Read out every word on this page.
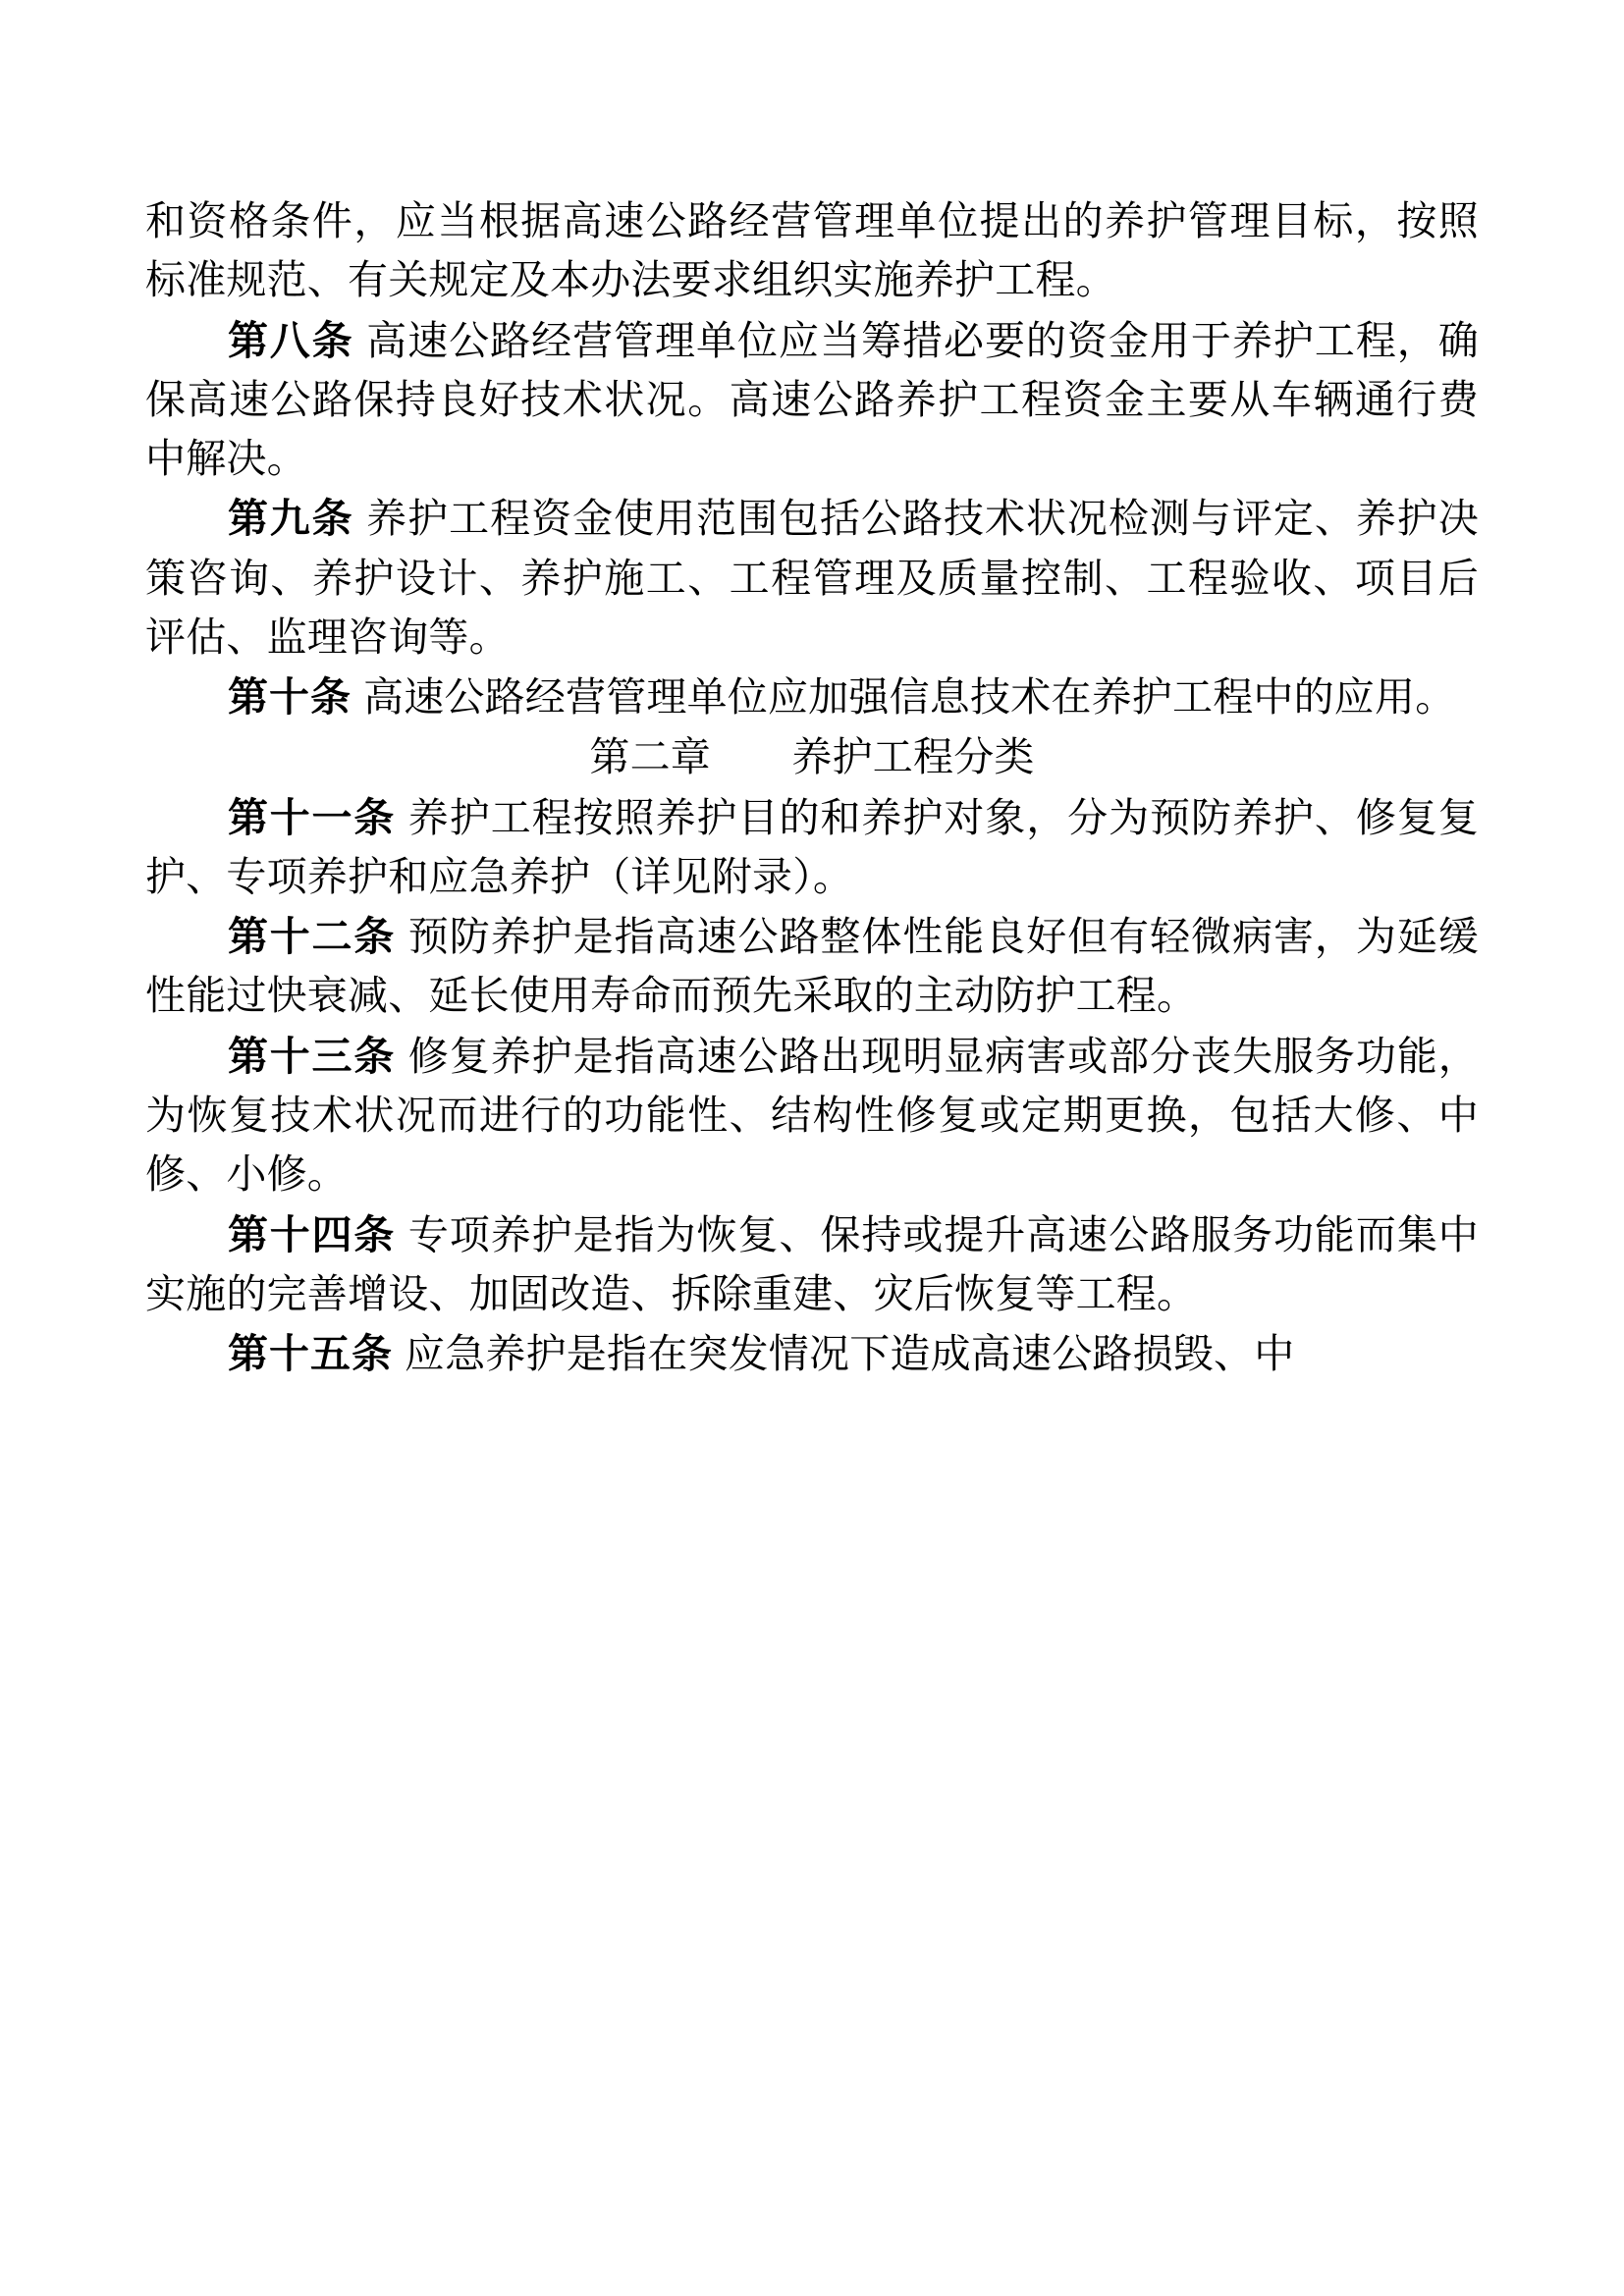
和资格条件，应当根据高速公路经营管理单位提出的养护管理目标，按照标准规范、有关规定及本办法要求组织实施养护工程。

第八条 高速公路经营管理单位应当筹措必要的资金用于养护工程，确保高速公路保持良好技术状况。高速公路养护工程资金主要从车辆通行费中解决。

第九条 养护工程资金使用范围包括公路技术状况检测与评定、养护决策咨询、养护设计、养护施工、工程管理及质量控制、工程验收、项目后评估、监理咨询等。

第十条 高速公路经营管理单位应加强信息技术在养护工程中的应用。

第二章　　养护工程分类

第十一条 养护工程按照养护目的和养护对象，分为预防养护、修复复护、专项养护和应急养护（详见附录）。

第十二条 预防养护是指高速公路整体性能良好但有轻微病害，为延缓性能过快衰减、延长使用寿命而预先采取的主动防护工程。

第十三条 修复养护是指高速公路出现明显病害或部分丧失服务功能，为恢复技术状况而进行的功能性、结构性修复或定期更换，包括大修、中修、小修。

第十四条 专项养护是指为恢复、保持或提升高速公路服务功能而集中实施的完善增设、加固改造、拆除重建、灾后恢复等工程。

第十五条 应急养护是指在突发情况下造成高速公路损毁、中
